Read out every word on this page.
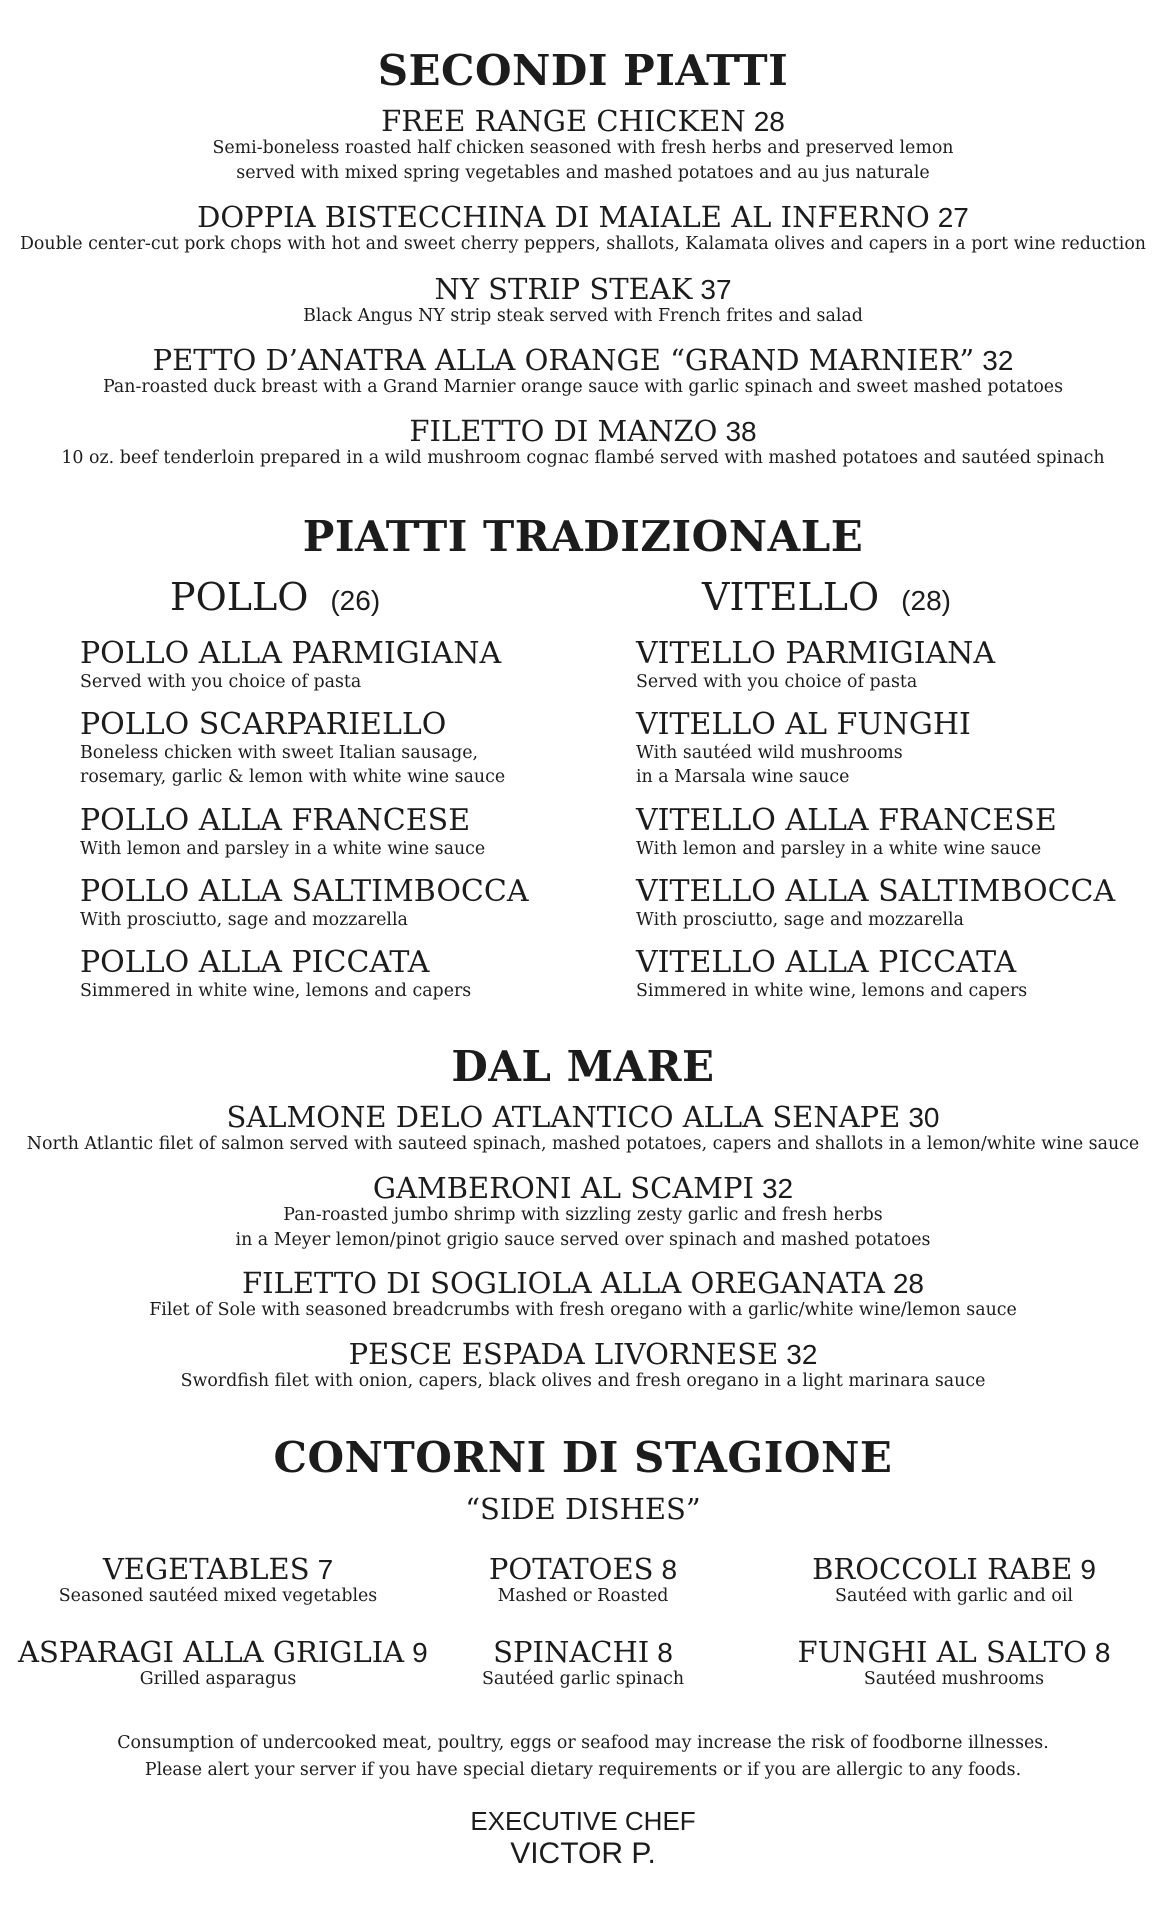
SECONDI PIATTI
FREE RANGE CHICKEN 28
Semi-boneless roasted half chicken seasoned with fresh herbs and preserved lemon
served with mixed spring vegetables and mashed potatoes and au jus naturale
DOPPIA BISTECCHINA DI MAIALE AL INFERNO 27
Double center-cut pork chops with hot and sweet cherry peppers, shallots, Kalamata olives and capers in a port wine reduction
NY STRIP STEAK 37
Black Angus NY strip steak served with French frites and salad
PETTO D’ANATRA ALLA ORANGE “GRAND MARNIER” 32
Pan-roasted duck breast with a Grand Marnier orange sauce with garlic spinach and sweet mashed potatoes
FILETTO DI MANZO 38
10 oz. beef tenderloin prepared in a wild mushroom cognac flambé served with mashed potatoes and sautéed spinach
PIATTI TRADIZIONALE
POLLO (26)	VITELLO (28)
POLLO ALLA PARMIGIANA
Served with you choice of pasta
POLLO SCARPARIELLO
Boneless chicken with sweet Italian sausage,
rosemary, garlic & lemon with white wine sauce
POLLO ALLA FRANCESE
With lemon and parsley in a white wine sauce
POLLO ALLA SALTIMBOCCA
With prosciutto, sage and mozzarella
POLLO ALLA PICCATA
Simmered in white wine, lemons and capers
VITELLO PARMIGIANA
Served with you choice of pasta
VITELLO AL FUNGHI
With sautéed wild mushrooms
in a Marsala wine sauce
VITELLO ALLA FRANCESE
With lemon and parsley in a white wine sauce
VITELLO ALLA SALTIMBOCCA
With prosciutto, sage and mozzarella
VITELLO ALLA PICCATA
Simmered in white wine, lemons and capers
DAL MARE
SALMONE DELO ATLANTICO ALLA SENAPE 30
North Atlantic filet of salmon served with sauteed spinach, mashed potatoes, capers and shallots in a lemon/white wine sauce
GAMBERONI AL SCAMPI 32
Pan-roasted jumbo shrimp with sizzling zesty garlic and fresh herbs
in a Meyer lemon/pinot grigio sauce served over spinach and mashed potatoes
FILETTO DI SOGLIOLA ALLA OREGANATA 28
Filet of Sole with seasoned breadcrumbs with fresh oregano with a garlic/white wine/lemon sauce
PESCE ESPADA LIVORNESE 32
Swordfish filet with onion, capers, black olives and fresh oregano in a light marinara sauce
CONTORNI DI STAGIONE
“SIDE DISHES”
VEGETABLES 7
Seasoned sautéed mixed vegetables
POTATOES 8
Mashed or Roasted
BROCCOLI RABE 9
Sautéed with garlic and oil
ASPARAGI ALLA GRIGLIA 9
Grilled asparagus
SPINACHI 8
Sautéed garlic spinach
FUNGHI AL SALTO 8
Sautéed mushrooms
Consumption of undercooked meat, poultry, eggs or seafood may increase the risk of foodborne illnesses.
Please alert your server if you have special dietary requirements or if you are allergic to any foods.
EXECUTIVE CHEF
VICTOR P.
